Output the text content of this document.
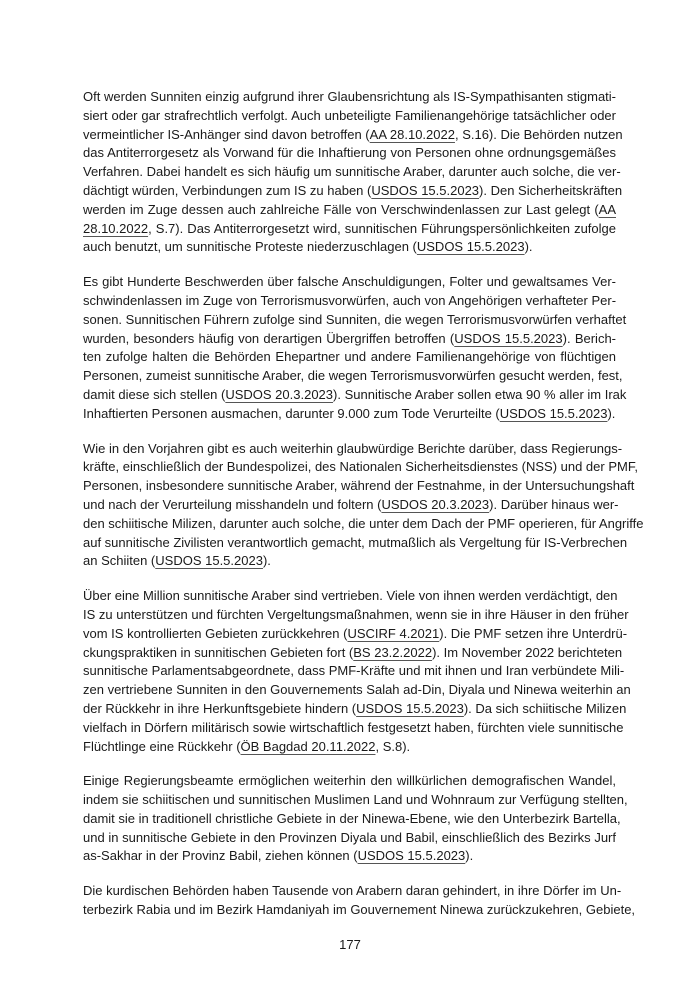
Oft werden Sunniten einzig aufgrund ihrer Glaubensrichtung als IS-Sympathisanten stigmati-
siert oder gar strafrechtlich verfolgt. Auch unbeteiligte Familienangehörige tatsächlicher oder
vermeintlicher IS-Anhänger sind davon betroffen (AA 28.10.2022, S.16). Die Behörden nutzen
das Antiterrorgesetz als Vorwand für die Inhaftierung von Personen ohne ordnungsgemäßes
Verfahren. Dabei handelt es sich häufig um sunnitische Araber, darunter auch solche, die ver-
dächtigt würden, Verbindungen zum IS zu haben (USDOS 15.5.2023). Den Sicherheitskräften
werden im Zuge dessen auch zahlreiche Fälle von Verschwindenlassen zur Last gelegt (AA
28.10.2022, S.7). Das Antiterrorgesetzt wird, sunnitischen Führungspersönlichkeiten zufolge
auch benutzt, um sunnitische Proteste niederzuschlagen (USDOS 15.5.2023).
Es gibt Hunderte Beschwerden über falsche Anschuldigungen, Folter und gewaltsames Ver-
schwindenlassen im Zuge von Terrorismusvorwürfen, auch von Angehörigen verhafteter Per-
sonen. Sunnitischen Führern zufolge sind Sunniten, die wegen Terrorismusvorwürfen verhaftet
wurden, besonders häufig von derartigen Übergriffen betroffen (USDOS 15.5.2023). Berich-
ten zufolge halten die Behörden Ehepartner und andere Familienangehörige von flüchtigen
Personen, zumeist sunnitische Araber, die wegen Terrorismusvorwürfen gesucht werden, fest,
damit diese sich stellen (USDOS 20.3.2023). Sunnitische Araber sollen etwa 90 % aller im Irak
Inhaftierten Personen ausmachen, darunter 9.000 zum Tode Verurteilte (USDOS 15.5.2023).
Wie in den Vorjahren gibt es auch weiterhin glaubwürdige Berichte darüber, dass Regierungs-
kräfte, einschließlich der Bundespolizei, des Nationalen Sicherheitsdienstes (NSS) und der PMF,
Personen, insbesondere sunnitische Araber, während der Festnahme, in der Untersuchungshaft
und nach der Verurteilung misshandeln und foltern (USDOS 20.3.2023). Darüber hinaus wer-
den schiitische Milizen, darunter auch solche, die unter dem Dach der PMF operieren, für Angriffe
auf sunnitische Zivilisten verantwortlich gemacht, mutmaßlich als Vergeltung für IS-Verbrechen
an Schiiten (USDOS 15.5.2023).
Über eine Million sunnitische Araber sind vertrieben. Viele von ihnen werden verdächtigt, den
IS zu unterstützen und fürchten Vergeltungsmaßnahmen, wenn sie in ihre Häuser in den früher
vom IS kontrollierten Gebieten zurückkehren (USCIRF 4.2021). Die PMF setzen ihre Unterdrü-
ckungspraktiken in sunnitischen Gebieten fort (BS 23.2.2022). Im November 2022 berichteten
sunnitische Parlamentsabgeordnete, dass PMF-Kräfte und mit ihnen und Iran verbündete Mili-
zen vertriebene Sunniten in den Gouvernements Salah ad-Din, Diyala und Ninewa weiterhin an
der Rückkehr in ihre Herkunftsgebiete hindern (USDOS 15.5.2023). Da sich schiitische Milizen
vielfach in Dörfern militärisch sowie wirtschaftlich festgesetzt haben, fürchten viele sunnitische
Flüchtlinge eine Rückkehr (ÖB Bagdad 20.11.2022, S.8).
Einige Regierungsbeamte ermöglichen weiterhin den willkürlichen demografischen Wandel,
indem sie schiitischen und sunnitischen Muslimen Land und Wohnraum zur Verfügung stellten,
damit sie in traditionell christliche Gebiete in der Ninewa-Ebene, wie den Unterbezirk Bartella,
und in sunnitische Gebiete in den Provinzen Diyala und Babil, einschließlich des Bezirks Jurf
as-Sakhar in der Provinz Babil, ziehen können (USDOS 15.5.2023).
Die kurdischen Behörden haben Tausende von Arabern daran gehindert, in ihre Dörfer im Un-
terbezirk Rabia und im Bezirk Hamdaniyah im Gouvernement Ninewa zurückzukehren, Gebiete,
177
